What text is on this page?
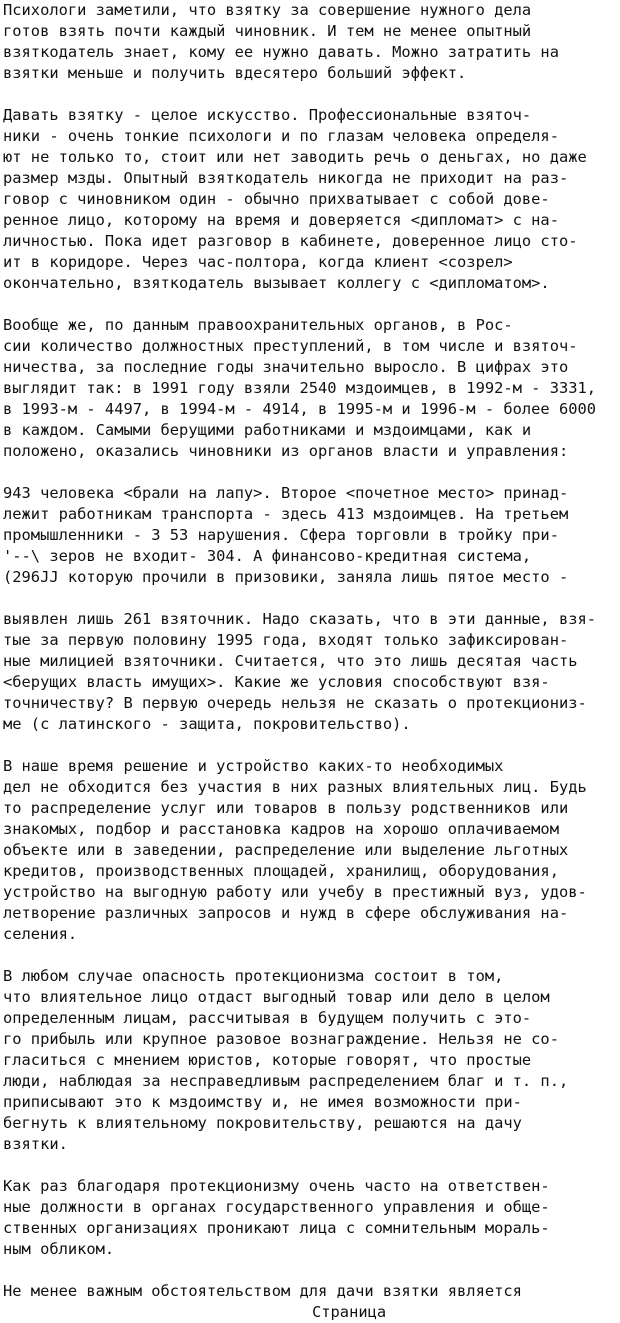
Психологи заметили, что взятку за совершение нужного дела
готов взять почти каждый чиновник. И тем не менее опытный
взяткодатель знает, кому ее нужно давать. Можно затратить на
взятки меньше и получить вдесятеро больший эффект.
Давать взятку - целое искусство. Профессиональные взяточ-
ники - очень тонкие психологи и по глазам человека определя-
ют не только то, стоит или нет заводить речь о деньгах, но даже
размер мзды. Опытный взяткодатель никогда не приходит на раз-
говор с чиновником один - обычно прихватывает с собой дове-
ренное лицо, которому на время и доверяется <дипломат> с на-
личностью. Пока идет разговор в кабинете, доверенное лицо сто-
ит в коридоре. Через час-полтора, когда клиент <созрел>
окончательно, взяткодатель вызывает коллегу с <дипломатом>.
Вообще же, по данным правоохранительных органов, в Рос-
сии количество должностных преступлений, в том числе и взяточ-
ничества, за последние годы значительно выросло. В цифрах это
выглядит так: в 1991 году взяли 2540 мздоимцев, в 1992-м - 3331,
в 1993-м - 4497, в 1994-м - 4914, в 1995-м и 1996-м - более 6000
в каждом. Самыми берущими работниками и мздоимцами, как и
положено, оказались чиновники из органов власти и управления:
943 человека <брали на лапу>. Второе <почетное место> принад-
лежит работникам транспорта - здесь 413 мздоимцев. На третьем
промышленники - 3 53 нарушения. Сфера торговли в тройку при-
'--\ зеров не входит- 304. А финансово-кредитная система,
(296JJ которую прочили в призовики, заняла лишь пятое место -
выявлен лишь 261 взяточник. Надо сказать, что в эти данные, взя-
тые за первую половину 1995 года, входят только зафиксирован-
ные милицией взяточники. Считается, что это лишь десятая часть
<берущих власть имущих>. Какие же условия способствуют взя-
точничеству? В первую очередь нельзя не сказать о протекциониз-
ме (с латинского - защита, покровительство).
В наше время решение и устройство каких-то необходимых
дел не обходится без участия в них разных влиятельных лиц. Будь
то распределение услуг или товаров в пользу родственников или
знакомых, подбор и расстановка кадров на хорошо оплачиваемом
объекте или в заведении, распределение или выделение льготных
кредитов, производственных площадей, хранилищ, оборудования,
устройство на выгодную работу или учебу в престижный вуз, удов-
летворение различных запросов и нужд в сфере обслуживания на-
селения.
В любом случае опасность протекционизма состоит в том,
что влиятельное лицо отдаст выгодный товар или дело в целом
определенным лицам, рассчитывая в будущем получить с это-
го прибыль или крупное разовое вознаграждение. Нельзя не со-
гласиться с мнением юристов, которые говорят, что простые
люди, наблюдая за несправедливым распределением благ и т. п.,
приписывают это к мздоимству и, не имея возможности при-
бегнуть к влиятельному покровительству, решаются на дачу
взятки.
Как раз благодаря протекционизму очень часто на ответствен-
ные должности в органах государственного управления и обще-
ственных организациях проникают лица с сомнительным мораль-
ным обликом.
Не менее важным обстоятельством для дачи взятки является
Страница
